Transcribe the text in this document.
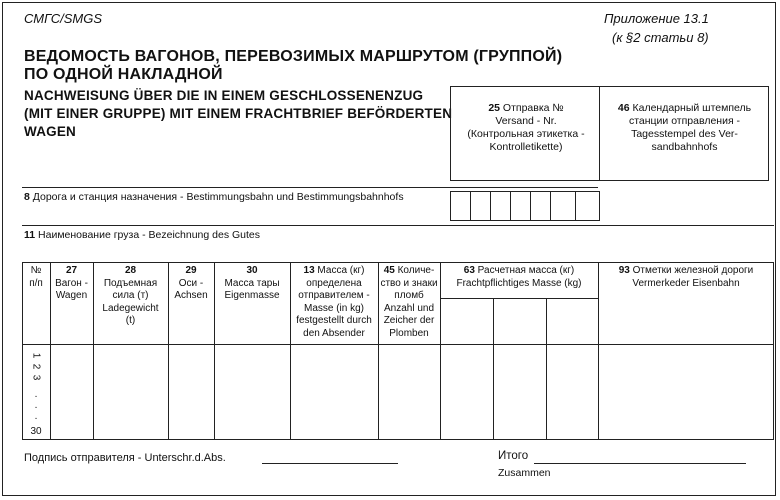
СМГС/SMGS	Приложение 13.1
(к §2 статьи 8)
ВЕДОМОСТЬ ВАГОНОВ, ПЕРЕВОЗИМЫХ МАРШРУТОМ (ГРУППОЙ)
ПО ОДНОЙ НАКЛАДНОЙ
NACHWEISUNG ÜBER DIE IN EINEM GESCHLOSSENENZUG
(MIT EINER GRUPPE) MIT EINEM FRACHTBRIEF BEFÖRDERTEN
WAGEN
25 Отправка №
Versand - Nr.
(Контрольная этикетка -
Kontrolletikette)
46 Календарный штемпель
станции отправления -
Tagesstempel des Ver-
sandbahnhofs
8 Дорога и станция назначения - Bestimmungsbahn und Bestimmungsbahnhofs
11 Наименование груза - Bezeichnung des Gutes
№
п/п
27
Вагон -
Wagen
28
Подъемная
сила (т)
Ladegewicht
(t)
29
Оси -
Achsen
30
Масса тары
Eigenmasse
13 Масса (кг)
определена
отправителем -
Masse (in kg)
festgestellt durch
den Absender
45 Количе-
ство и знаки пломб
Anzahl und
Zeicher der
Plomben
63 Расчетная масса (кг)
Frachtpflichtiges Masse (kg)
93 Отметки железной дороги
Vermerkeder Eisenbahn
1
2
3
.
.
.
30
Подпись отправителя - Unterschr.d.Abs.	Итого
Zusammen
